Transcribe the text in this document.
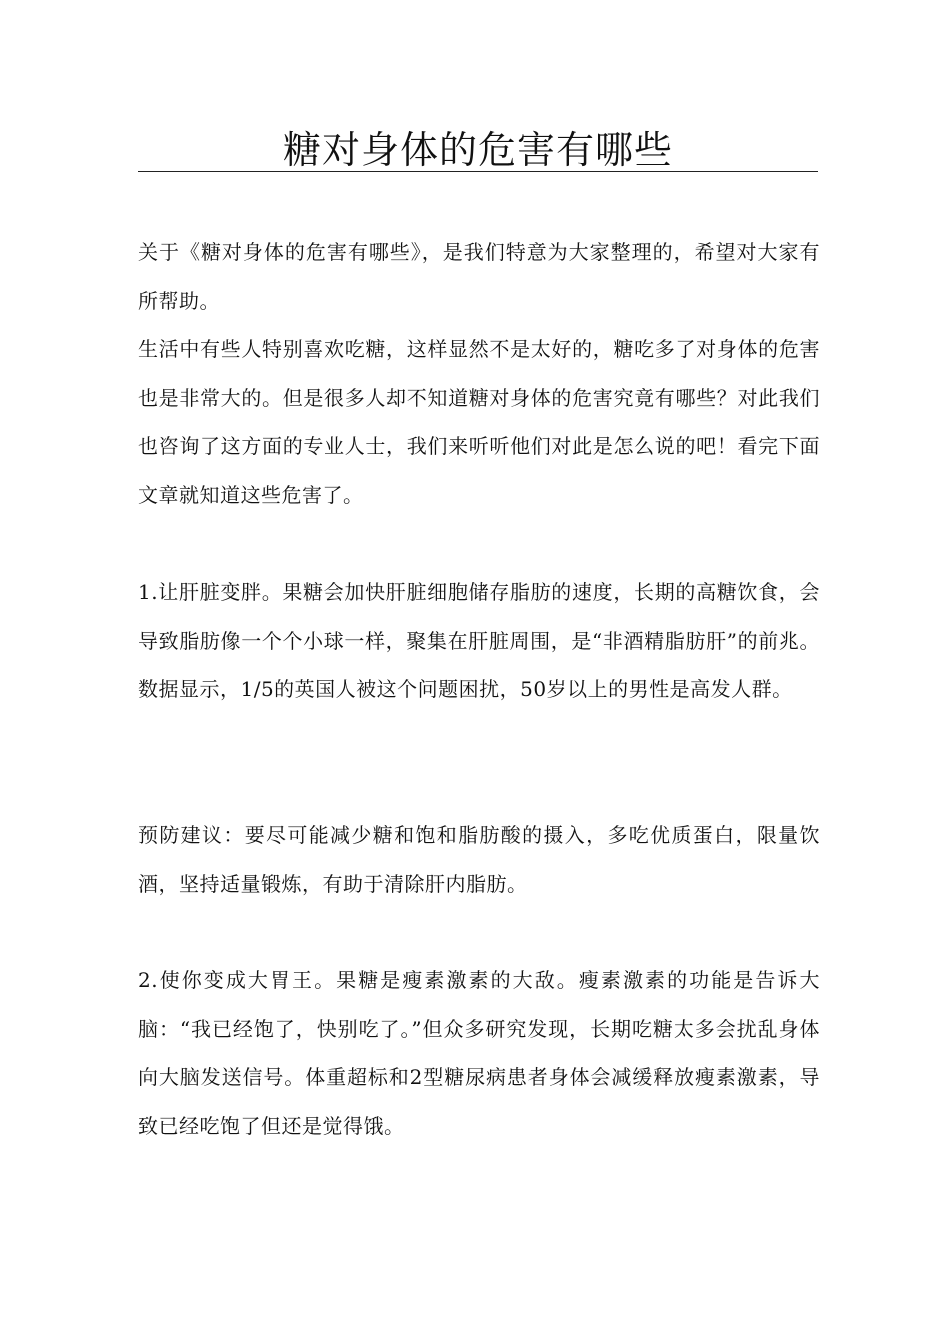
糖对身体的危害有哪些

关于《糖对身体的危害有哪些》，是我们特意为大家整理的，希望对大家有所帮助。

生活中有些人特别喜欢吃糖，这样显然不是太好的，糖吃多了对身体的危害也是非常大的。但是很多人却不知道糖对身体的危害究竟有哪些？对此我们也咨询了这方面的专业人士，我们来听听他们对此是怎么说的吧！看完下面文章就知道这些危害了。

1.让肝脏变胖。果糖会加快肝脏细胞储存脂肪的速度，长期的高糖饮食，会导致脂肪像一个个小球一样，聚集在肝脏周围，是“非酒精脂肪肝”的前兆。数据显示，1/5的英国人被这个问题困扰，50岁以上的男性是高发人群。

预防建议：要尽可能减少糖和饱和脂肪酸的摄入，多吃优质蛋白，限量饮酒，坚持适量锻炼，有助于清除肝内脂肪。

2.使你变成大胃王。果糖是瘦素激素的大敌。瘦素激素的功能是告诉大脑：“我已经饱了，快别吃了。”但众多研究发现，长期吃糖太多会扰乱身体向大脑发送信号。体重超标和2型糖尿病患者身体会减缓释放瘦素激素，导致已经吃饱了但还是觉得饿。
